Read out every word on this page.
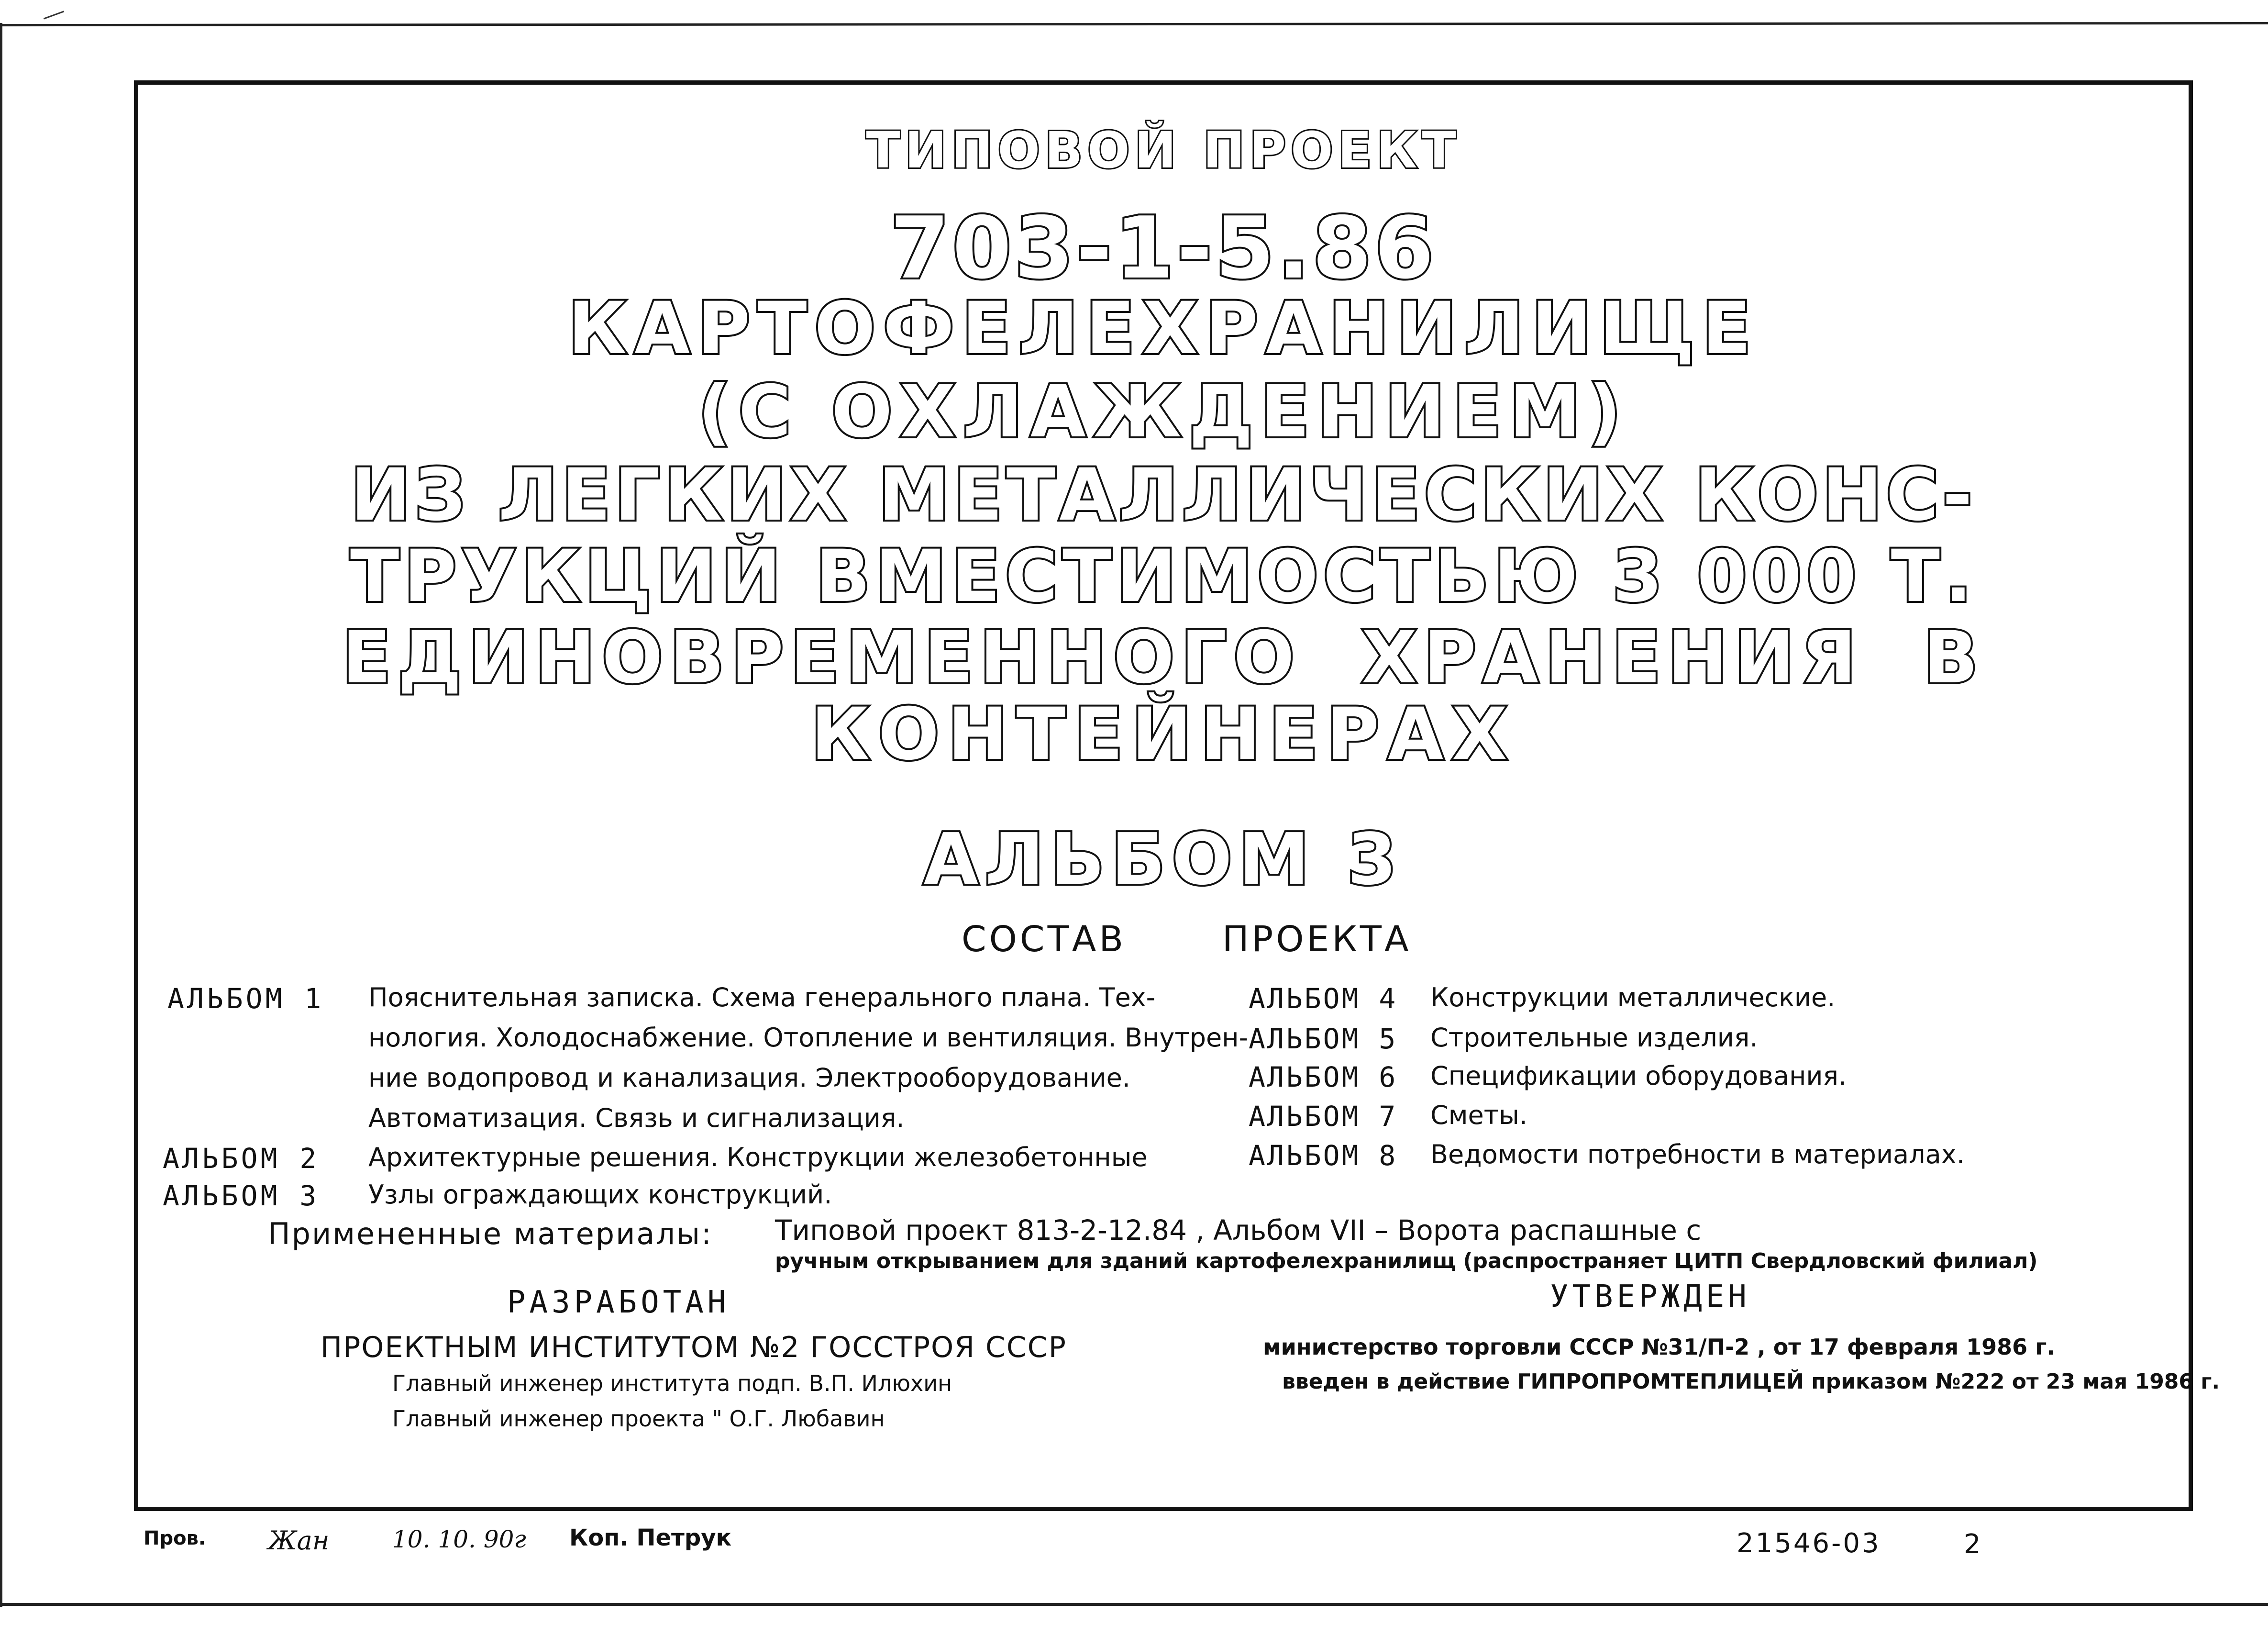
ТИПОВОЙ ПРОЕКТ
703-1-5.86
КАРТОФЕЛЕХРАНИЛИЩЕ
(С ОХЛАЖДЕНИЕМ)
ИЗ ЛЕГКИХ МЕТАЛЛИЧЕСКИХ КОНС-
ТРУКЦИЙ ВМЕСТИМОСТЬЮ 3 000 Т.
ЕДИНОВРЕМЕННОГО ХРАНЕНИЯ В
КОНТЕЙНЕРАХ
АЛЬБОМ 3
СОСТАВ	ПРОЕКТА
АЛЬБОМ 1 Пояснительная записка. Схема генерального плана. Тех-
нология. Холодоснабжение. Отопление и вентиляция. Внутрен-
ние водопровод и канализация. Электрооборудование.
Автоматизация. Связь и сигнализация.
АЛЬБОМ 2 Архитектурные решения. Конструкции железобетонные
АЛЬБОМ 3 Узлы ограждающих конструкций.
АЛЬБОМ 4 Конструкции металлические.
АЛЬБОМ 5 Строительные изделия.
АЛЬБОМ 6 Спецификации оборудования.
АЛЬБОМ 7 Сметы.
АЛЬБОМ 8 Ведомости потребности в материалах.
Примененные материалы: Типовой проект 813-2-12.84 , Альбом VII – Ворота распашные с
ручным открыванием для зданий картофелехранилищ (распространяет ЦИТП Свердловский филиал)
РАЗРАБОТАН	УТВЕРЖДЕН
ПРОЕКТНЫМ ИНСТИТУТОМ №2 ГОССТРОЯ СССР
Главный инженер института подп. В.П. Илюхин
Главный инженер проекта " О.Г. Любавин
министерство торговли СССР №31/П-2 , от 17 февраля 1986 г.
введен в действие ГИПРОПРОМТЕПЛИЦЕЙ приказом №222 от 23 мая 1986 г.
Пров. Жан	10. 10. 90г Коп. Петрук	21546-03	2
